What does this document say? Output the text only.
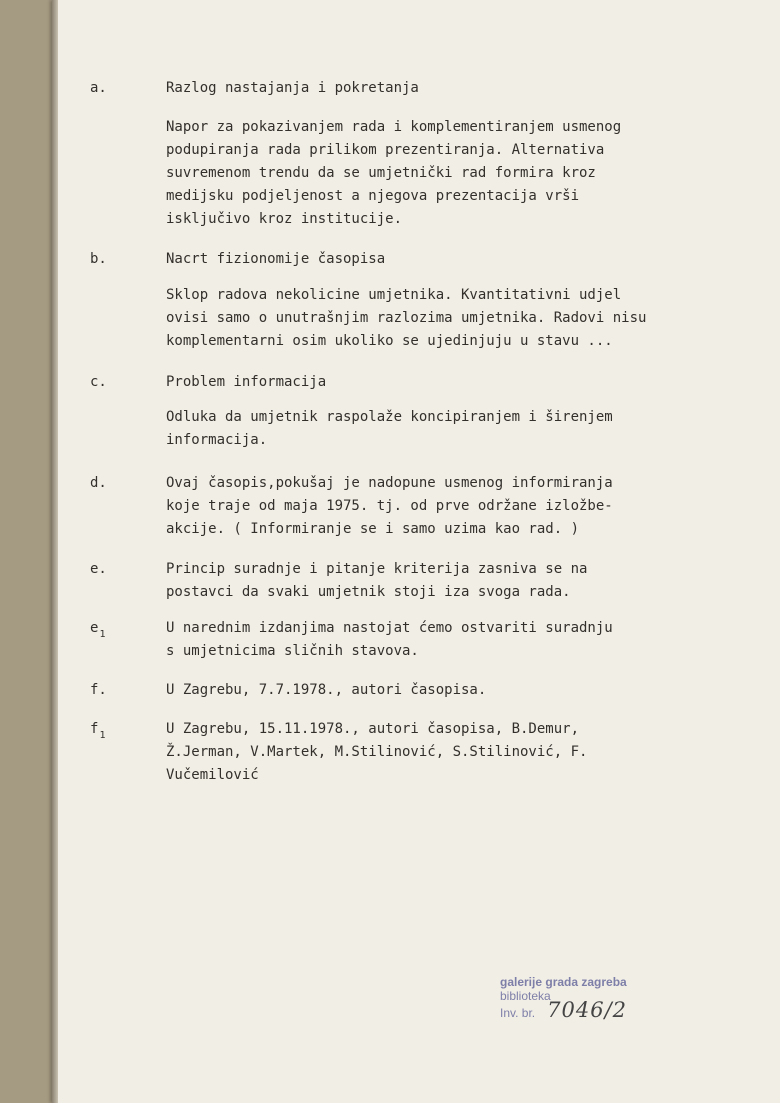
a.	Razlog nastajanja i pokretanja
Napor za pokazivanjem rada i komplementiranjem usmenog
podupiranja rada prilikom prezentiranja. Alternativa
suvremenom trendu da se umjetnički rad formira kroz
medijsku podjeljenost a njegova prezentacija vrši
isključivo kroz institucije.
b.	Nacrt fizionomije časopisa
Sklop radova nekolicine umjetnika. Kvantitativni udjel
ovisi samo o unutrašnjim razlozima umjetnika. Radovi nisu
komplementarni osim ukoliko se ujedinjuju u stavu ...
c.	Problem informacija
Odluka da umjetnik raspolaže koncipiranjem i širenjem
informacija.
d.	Ovaj časopis,pokušaj je nadopune usmenog informiranja
koje traje od maja 1975. tj. od prve održane izložbe-
akcije. ( Informiranje se i samo uzima kao rad. )
e.	Princip suradnje i pitanje kriterija zasniva se na
postavci da svaki umjetnik stoji iza svoga rada.
$e_1$	U narednim izdanjima nastojat ćemo ostvariti suradnju
s umjetnicima sličnih stavova.
f.	U Zagrebu, 7.7.1978., autori časopisa.
$f_1$	U Zagrebu, 15.11.1978., autori časopisa, B.Demur,
Ž.Jerman, V.Martek, M.Stilinović, S.Stilinović, F.
Vučemilović
galerije grada zagreba
biblioteka
Inv. br. 7046/2
